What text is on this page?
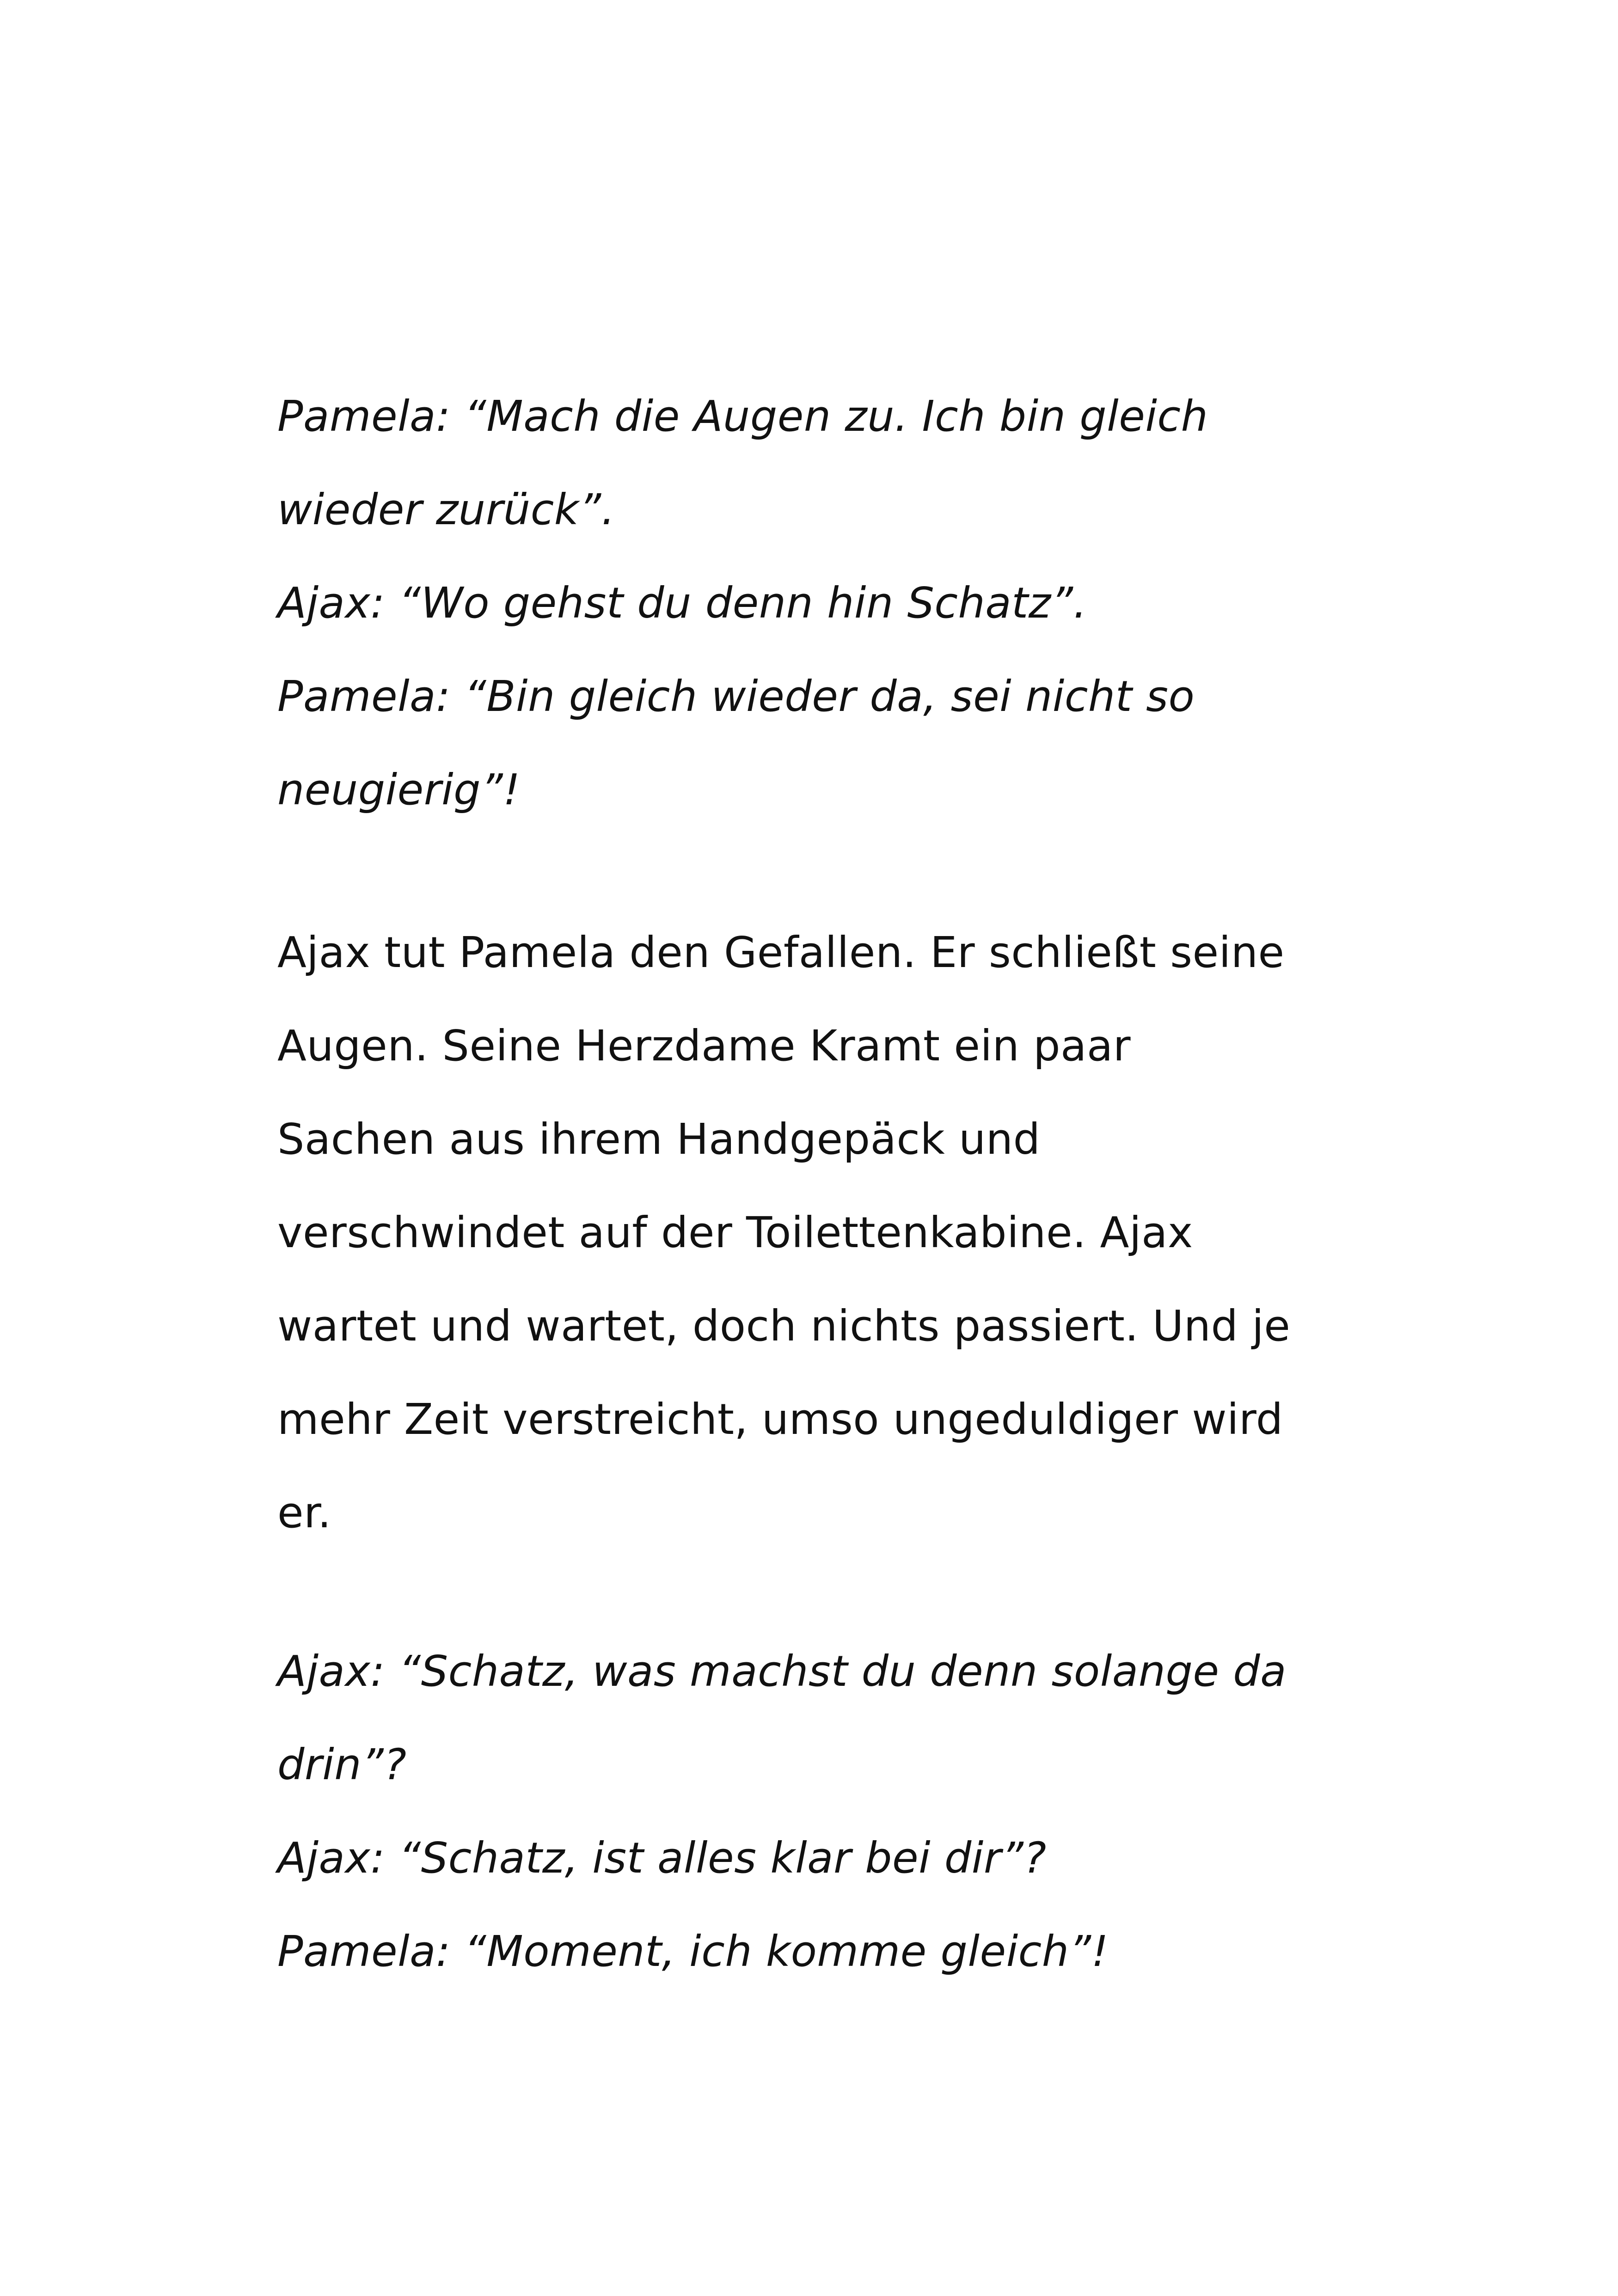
Pamela: “Mach die Augen zu. Ich bin gleich
wieder zurück”.
Ajax: “Wo gehst du denn hin Schatz”.
Pamela: “Bin gleich wieder da, sei nicht so
neugierig”!
Ajax tut Pamela den Gefallen. Er schließt seine
Augen. Seine Herzdame Kramt ein paar
Sachen aus ihrem Handgepäck und
verschwindet auf der Toilettenkabine. Ajax
wartet und wartet, doch nichts passiert. Und je
mehr Zeit verstreicht, umso ungeduldiger wird
er.
Ajax: “Schatz, was machst du denn solange da
drin”?
Ajax: “Schatz, ist alles klar bei dir”?
Pamela: “Moment, ich komme gleich”!
